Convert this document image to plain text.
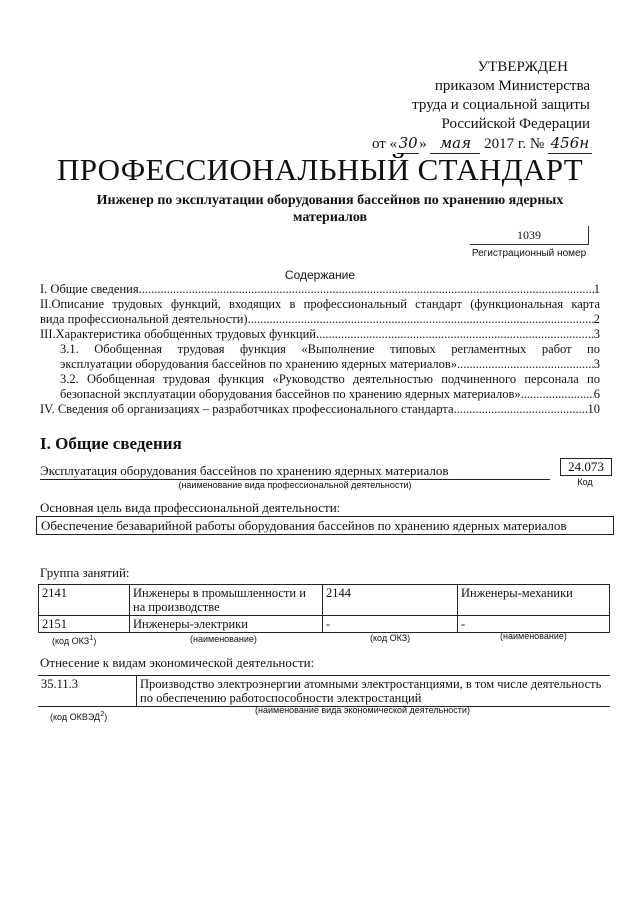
УТВЕРЖДЕН
приказом Министерства
труда и социальной защиты
Российской Федерации
от «30» мая 2017 г. № 456н
ПРОФЕССИОНАЛЬНЫЙ СТАНДАРТ
Инженер по эксплуатации оборудования бассейнов по хранению ядерных материалов
1039
Регистрационный номер
Содержание
I. Общие сведения .....	1
II.Описание трудовых функций, входящих в профессиональный стандарт (функциональная карта
вида профессиональной деятельности) .....	2
III.Характеристика обобщенных трудовых функций .....	3
3.1. Обобщенная трудовая функция «Выполнение типовых регламентных работ по
эксплуатации оборудования бассейнов по хранению ядерных материалов» .....	3
3.2. Обобщенная трудовая функция «Руководство деятельностью подчиненного персонала по
безопасной эксплуатации оборудования бассейнов по хранению ядерных материалов» .....	6
IV. Сведения об организациях – разработчиках профессионального стандарта .....	10
I. Общие сведения
Эксплуатация оборудования бассейнов по хранению ядерных материалов
(наименование вида профессиональной деятельности)
24.073
Код
Основная цель вида профессиональной деятельности:
Обеспечение безаварийной работы оборудования бассейнов по хранению ядерных материалов
Группа занятий:
2141	Инженеры в промышленности и на производстве	2144	Инженеры-механики
2151	Инженеры-электрики	-	-
(код ОКЗ$^1$)	(наименование)	(код ОКЗ)	(наименование)
Отнесение к видам экономической деятельности:
35.11.3	Производство электроэнергии атомными электростанциями, в том числе деятельность по обеспечению работоспособности электростанций
(код ОКВЭД$^2$)
(наименование вида экономической деятельности)
